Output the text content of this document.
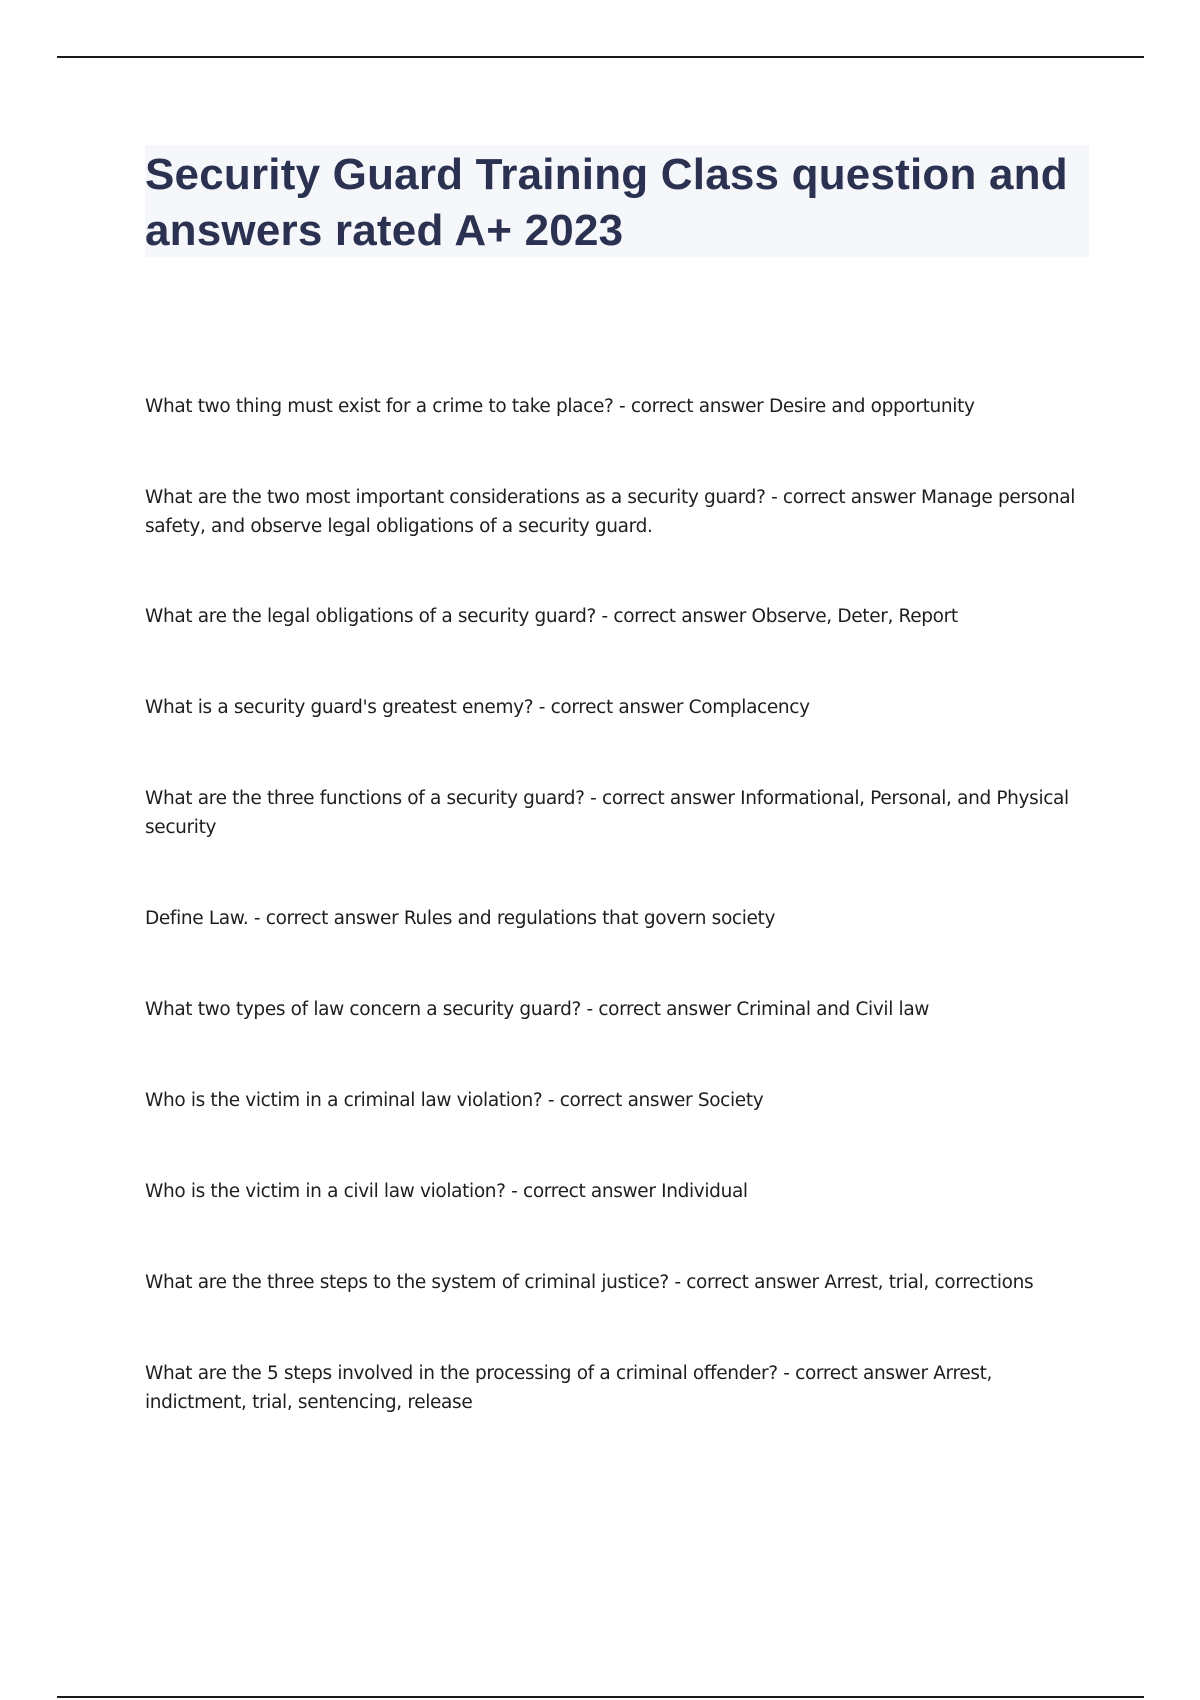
Security Guard Training Class question and answers rated A+ 2023
What two thing must exist for a crime to take place? - correct answer Desire and opportunity
What are the two most important considerations as a security guard? - correct answer Manage personal safety, and observe legal obligations of a security guard.
What are the legal obligations of a security guard? - correct answer Observe, Deter, Report
What is a security guard's greatest enemy? - correct answer Complacency
What are the three functions of a security guard? - correct answer Informational, Personal, and Physical security
Define Law. - correct answer Rules and regulations that govern society
What two types of law concern a security guard? - correct answer Criminal and Civil law
Who is the victim in a criminal law violation? - correct answer Society
Who is the victim in a civil law violation? - correct answer Individual
What are the three steps to the system of criminal justice? - correct answer Arrest, trial, corrections
What are the 5 steps involved in the processing of a criminal offender? - correct answer Arrest, indictment, trial, sentencing, release
